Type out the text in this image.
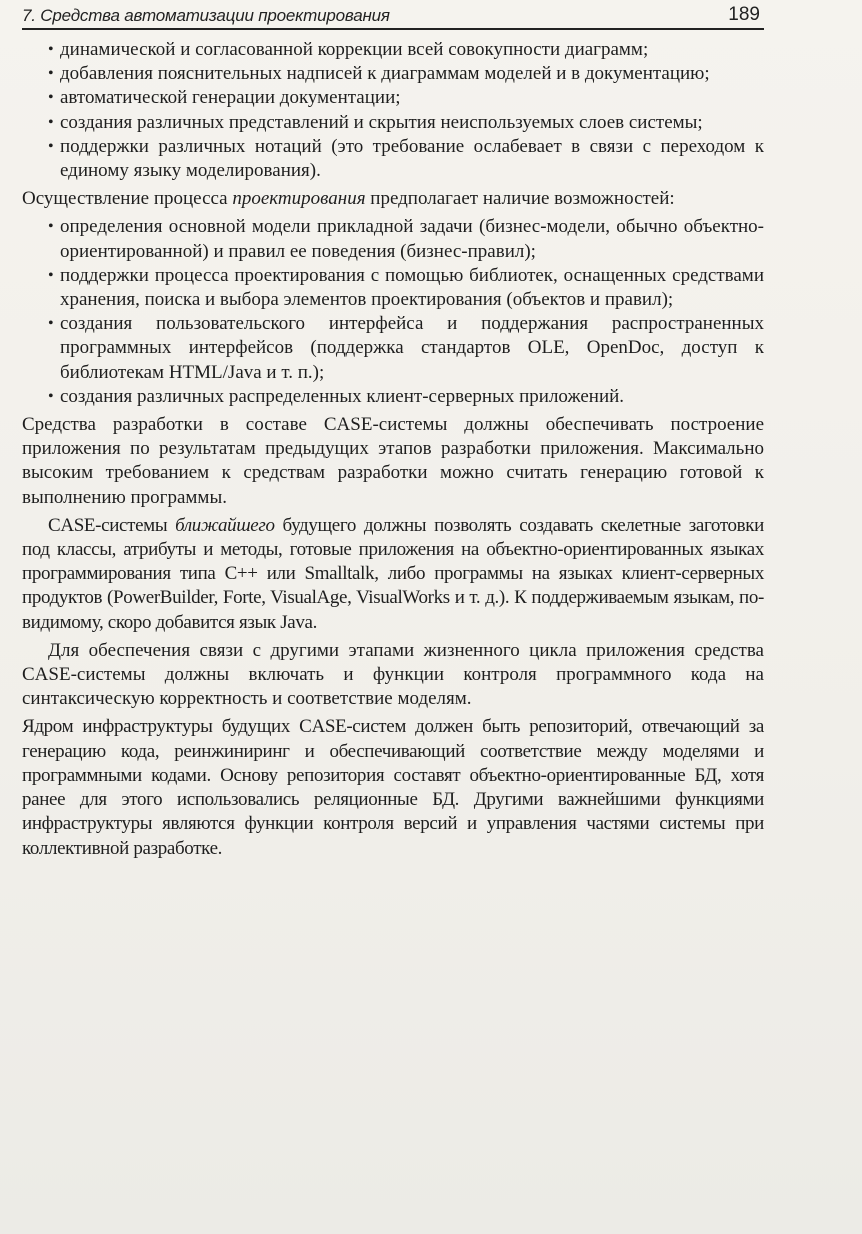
7. Средства автоматизации проектирования	189
• динамической и согласованной коррекции всей совокупности диаграмм;
• добавления пояснительных надписей к диаграммам моделей и в документацию;
• автоматической генерации документации;
• создания различных представлений и скрытия неиспользуемых слоев системы;
• поддержки различных нотаций (это требование ослабевает в связи с переходом к единому языку моделирования).

Осуществление процесса проектирования предполагает наличие возможностей:

• определения основной модели прикладной задачи (бизнес-модели, обычно объектно-ориентированной) и правил ее поведения (бизнес-правил);
• поддержки процесса проектирования с помощью библиотек, оснащенных средствами хранения, поиска и выбора элементов проектирования (объектов и правил);
• создания пользовательского интерфейса и поддержания распространенных программных интерфейсов (поддержка стандартов OLE, OpenDoc, доступ к библиотекам HTML/Java и т. п.);
• создания различных распределенных клиент-серверных приложений.

Средства разработки в составе CASE-системы должны обеспечивать построение приложения по результатам предыдущих этапов разработки приложения. Максимально высоким требованием к средствам разработки можно считать генерацию готовой к выполнению программы.

CASE-системы ближайшего будущего должны позволять создавать скелетные заготовки под классы, атрибуты и методы, готовые приложения на объектно-ориентированных языках программирования типа C++ или Smalltalk, либо программы на языках клиент-серверных продуктов (PowerBuilder, Forte, VisualAge, VisualWorks и т. д.). К поддерживаемым языкам, по-видимому, скоро добавится язык Java.

Для обеспечения связи с другими этапами жизненного цикла приложения средства CASE-системы должны включать и функции контроля программного кода на синтаксическую корректность и соответствие моделям.

Ядром инфраструктуры будущих CASE-систем должен быть репозиторий, отвечающий за генерацию кода, реинжиниринг и обеспечивающий соответствие между моделями и программными кодами. Основу репозитория составят объектно-ориентированные БД, хотя ранее для этого использовались реляционные БД. Другими важнейшими функциями инфраструктуры являются функции контроля версий и управления частями системы при коллективной разработке.
